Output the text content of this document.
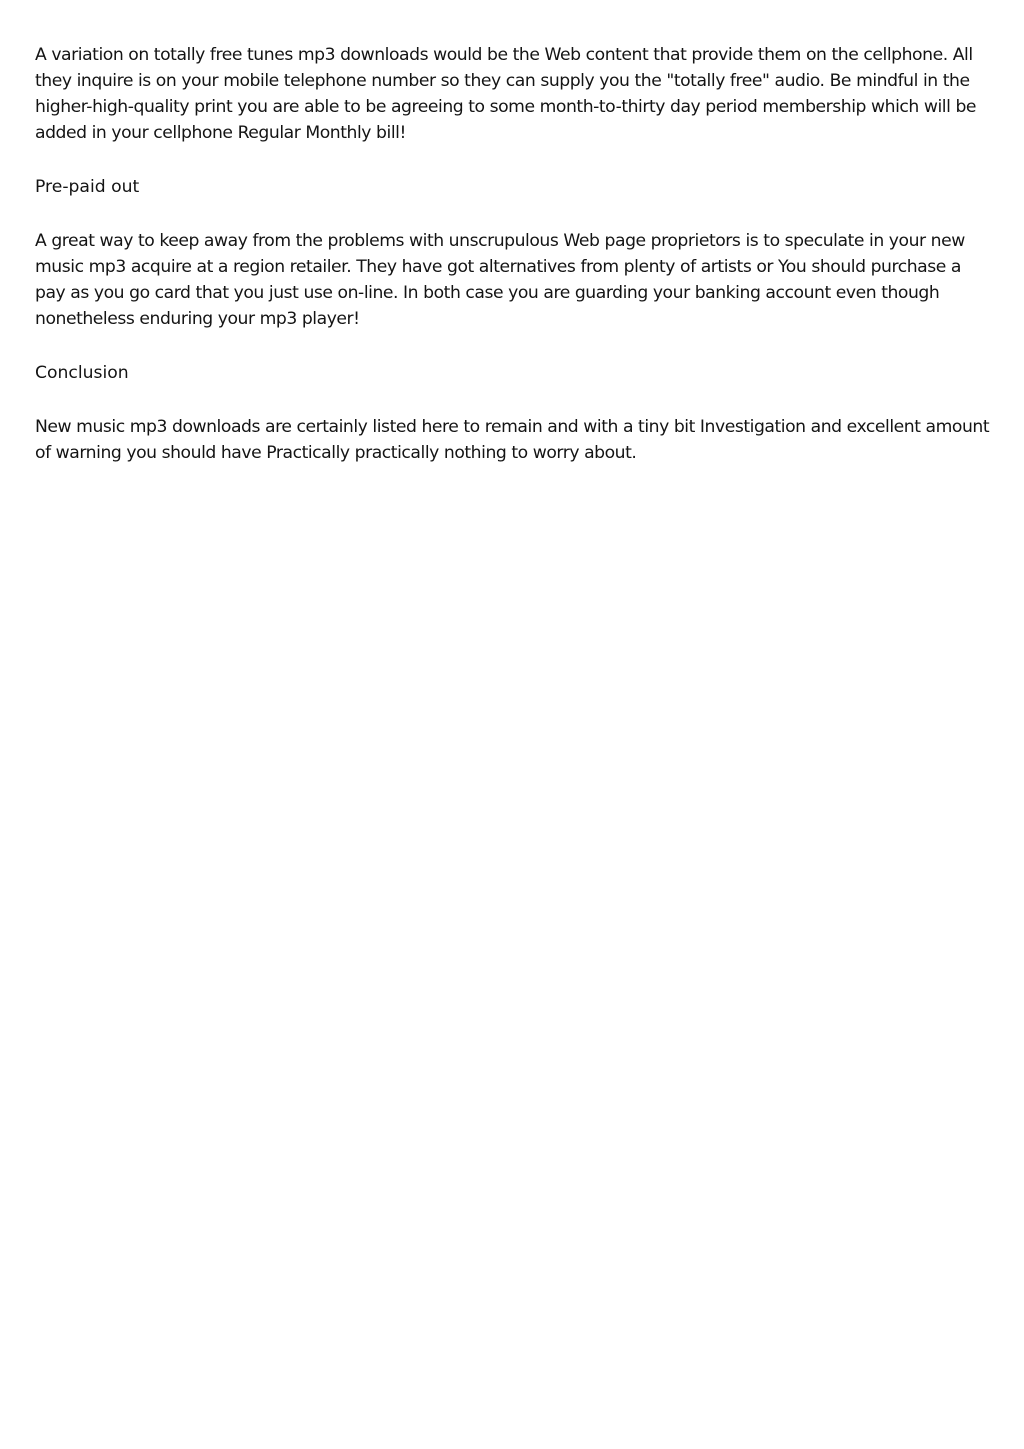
A variation on totally free tunes mp3 downloads would be the Web content that provide them on the cellphone. All they inquire is on your mobile telephone number so they can supply you the "totally free" audio. Be mindful in the higher-high-quality print you are able to be agreeing to some month-to-thirty day period membership which will be added in your cellphone Regular Monthly bill!

Pre-paid out

A great way to keep away from the problems with unscrupulous Web page proprietors is to speculate in your new music mp3 acquire at a region retailer. They have got alternatives from plenty of artists or You should purchase a pay as you go card that you just use on-line. In both case you are guarding your banking account even though nonetheless enduring your mp3 player!

Conclusion

New music mp3 downloads are certainly listed here to remain and with a tiny bit Investigation and excellent amount of warning you should have Practically practically nothing to worry about.
